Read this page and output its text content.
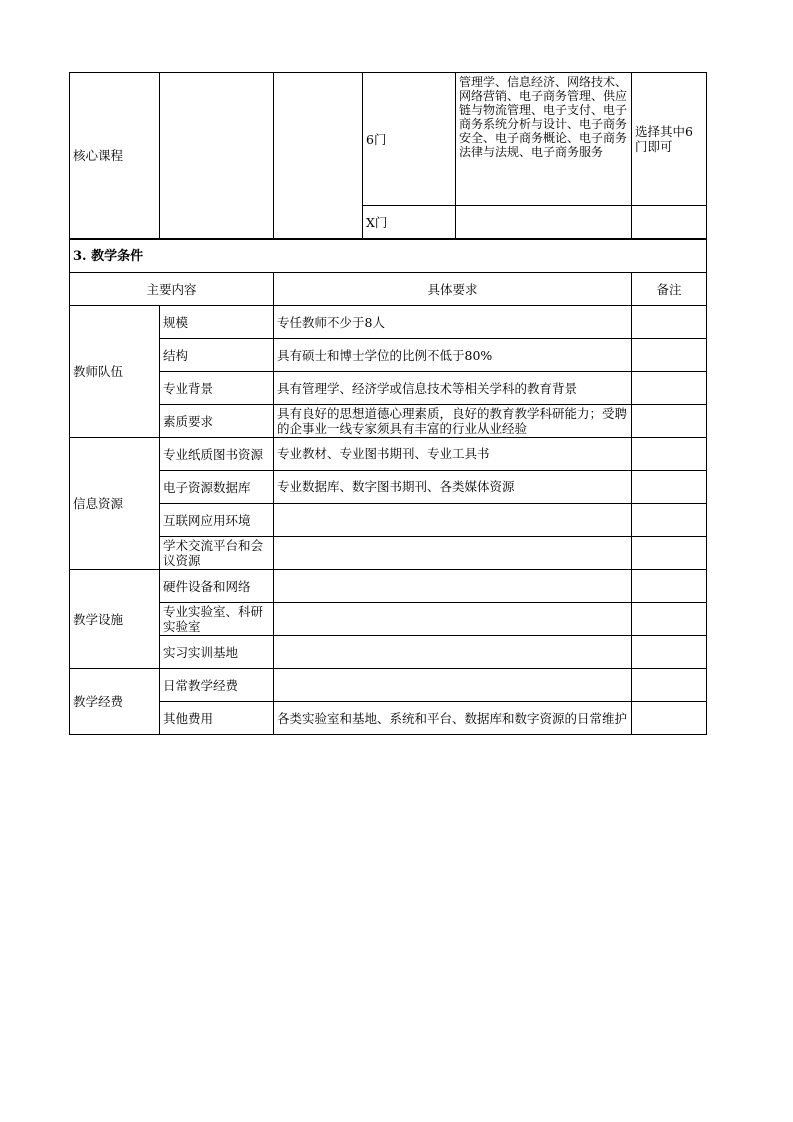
核心课程			6门	管理学、信息经济、网络技术、网络营销、电子商务管理、供应链与物流管理、电子支付、电子商务系统分析与设计、电子商务安全、电子商务概论、电子商务法律与法规、电子商务服务	选择其中6门即可
			X门		
3. 教学条件			
主要内容		具体要求	备注
教师队伍	规模	专任教师不少于8人	
	结构	具有硕士和博士学位的比例不低于80%	
	专业背景	具有管理学、经济学或信息技术等相关学科的教育背景	
	素质要求	具有良好的思想道德心理素质，良好的教育教学科研能力；受聘的企事业一线专家须具有丰富的行业从业经验	
信息资源	专业纸质图书资源	专业教材、专业图书期刊、专业工具书	
	电子资源数据库	专业数据库、数字图书期刊、各类媒体资源	
	互联网应用环境		
	学术交流平台和会议资源		
教学设施	硬件设备和网络		
	专业实验室、科研实验室		
	实习实训基地		
教学经费	日常教学经费		
	其他费用	各类实验室和基地、系统和平台、数据库和数字资源的日常维护	
